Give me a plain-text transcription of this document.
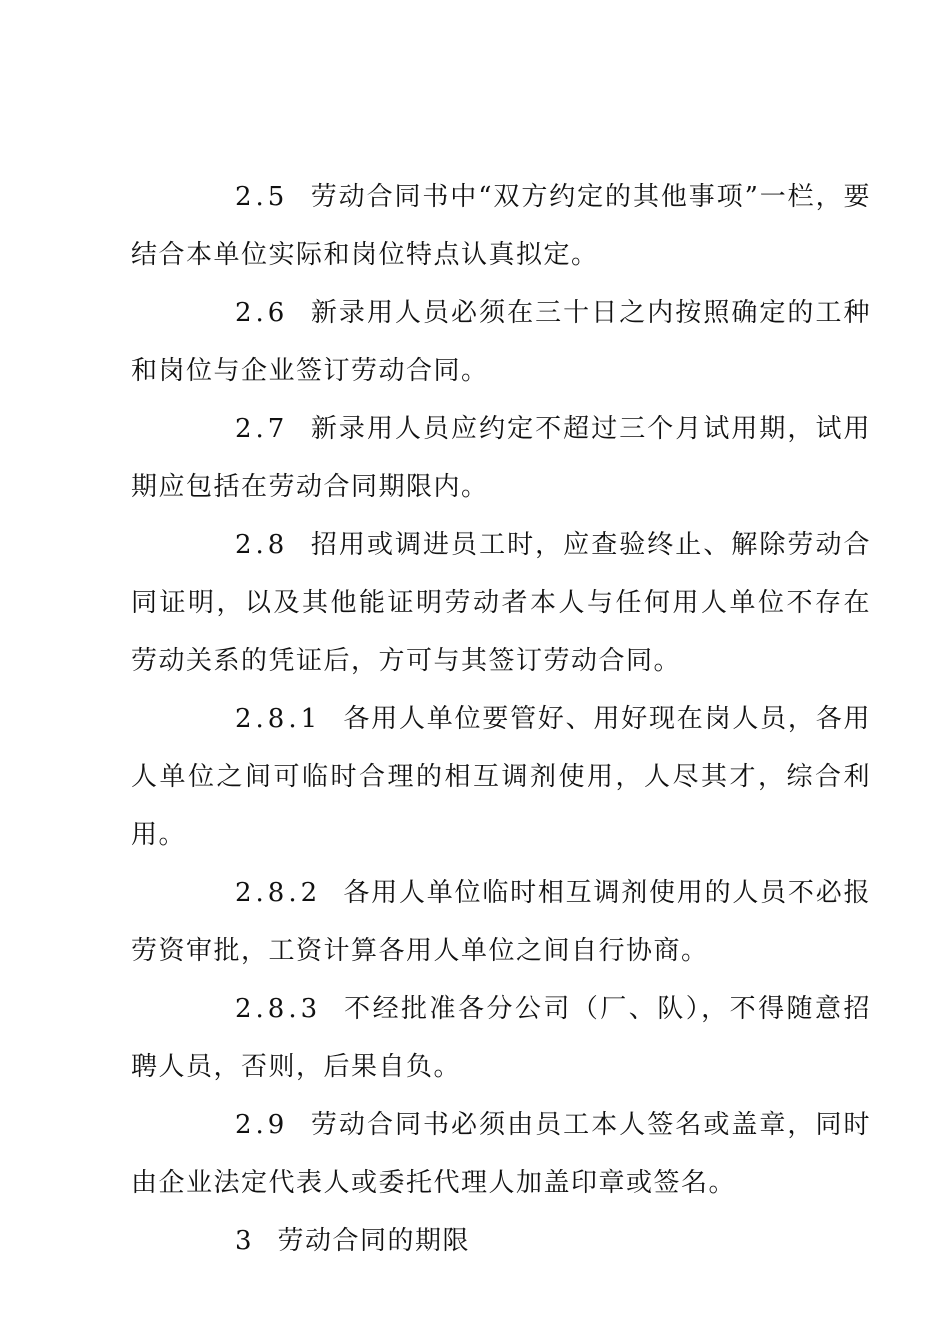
2.5 劳动合同书中“双方约定的其他事项”一栏，要结合本单位实际和岗位特点认真拟定。

2.6 新录用人员必须在三十日之内按照确定的工种和岗位与企业签订劳动合同。

2.7 新录用人员应约定不超过三个月试用期，试用期应包括在劳动合同期限内。

2.8 招用或调进员工时，应查验终止、解除劳动合同证明，以及其他能证明劳动者本人与任何用人单位不存在劳动关系的凭证后，方可与其签订劳动合同。

2.8.1 各用人单位要管好、用好现在岗人员，各用人单位之间可临时合理的相互调剂使用，人尽其才，综合利用。

2.8.2 各用人单位临时相互调剂使用的人员不必报劳资审批，工资计算各用人单位之间自行协商。

2.8.3 不经批准各分公司（厂、队），不得随意招聘人员，否则，后果自负。

2.9 劳动合同书必须由员工本人签名或盖章，同时由企业法定代表人或委托代理人加盖印章或签名。

3 劳动合同的期限
